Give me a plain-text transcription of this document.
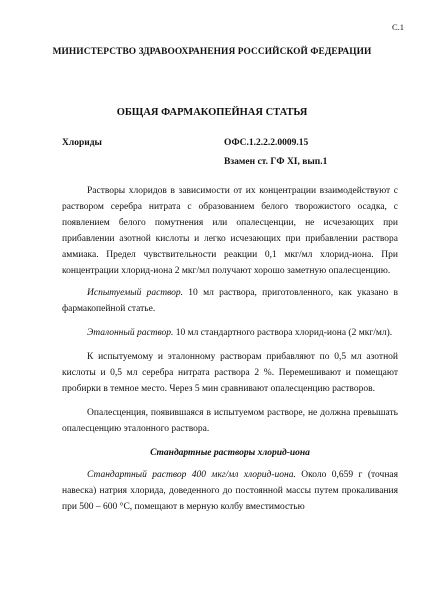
С.1
МИНИСТЕРСТВО ЗДРАВООХРАНЕНИЯ РОССИЙСКОЙ ФЕДЕРАЦИИ
ОБЩАЯ ФАРМАКОПЕЙНАЯ СТАТЬЯ
Хлориды	ОФС.1.2.2.2.0009.15
Взамен ст. ГФ XI, вып.1

Растворы хлоридов в зависимости от их концентрации взаимодействуют с раствором серебра нитрата с образованием белого творожистого осадка, с появлением белого помутнения или опалесценции, не исчезающих при прибавлении азотной кислоты и легко исчезающих при прибавлении раствора аммиака. Предел чувствительности реакции 0,1 мкг/мл хлорид-иона. При концентрации хлорид-иона 2 мкг/мл получают хорошо заметную опалесценцию.

Испытуемый раствор. 10 мл раствора, приготовленного, как указано в фармакопейной статье.

Эталонный раствор. 10 мл стандартного раствора хлорид-иона (2 мкг/мл).

К испытуемому и эталонному растворам прибавляют по 0,5 мл азотной кислоты и 0,5 мл серебра нитрата раствора 2 %. Перемешивают и помещают пробирки в темное место. Через 5 мин сравнивают опалесценцию растворов.

Опалесценция, появившаяся в испытуемом растворе, не должна превышать опалесценцию эталонного раствора.

Стандартные растворы хлорид-иона

Стандартный раствор 400 мкг/мл хлорид-иона. Около 0,659 г (точная навеска) натрия хлорида, доведенного до постоянной массы путем прокаливания при 500 – 600 °С, помещают в мерную колбу вместимостью
